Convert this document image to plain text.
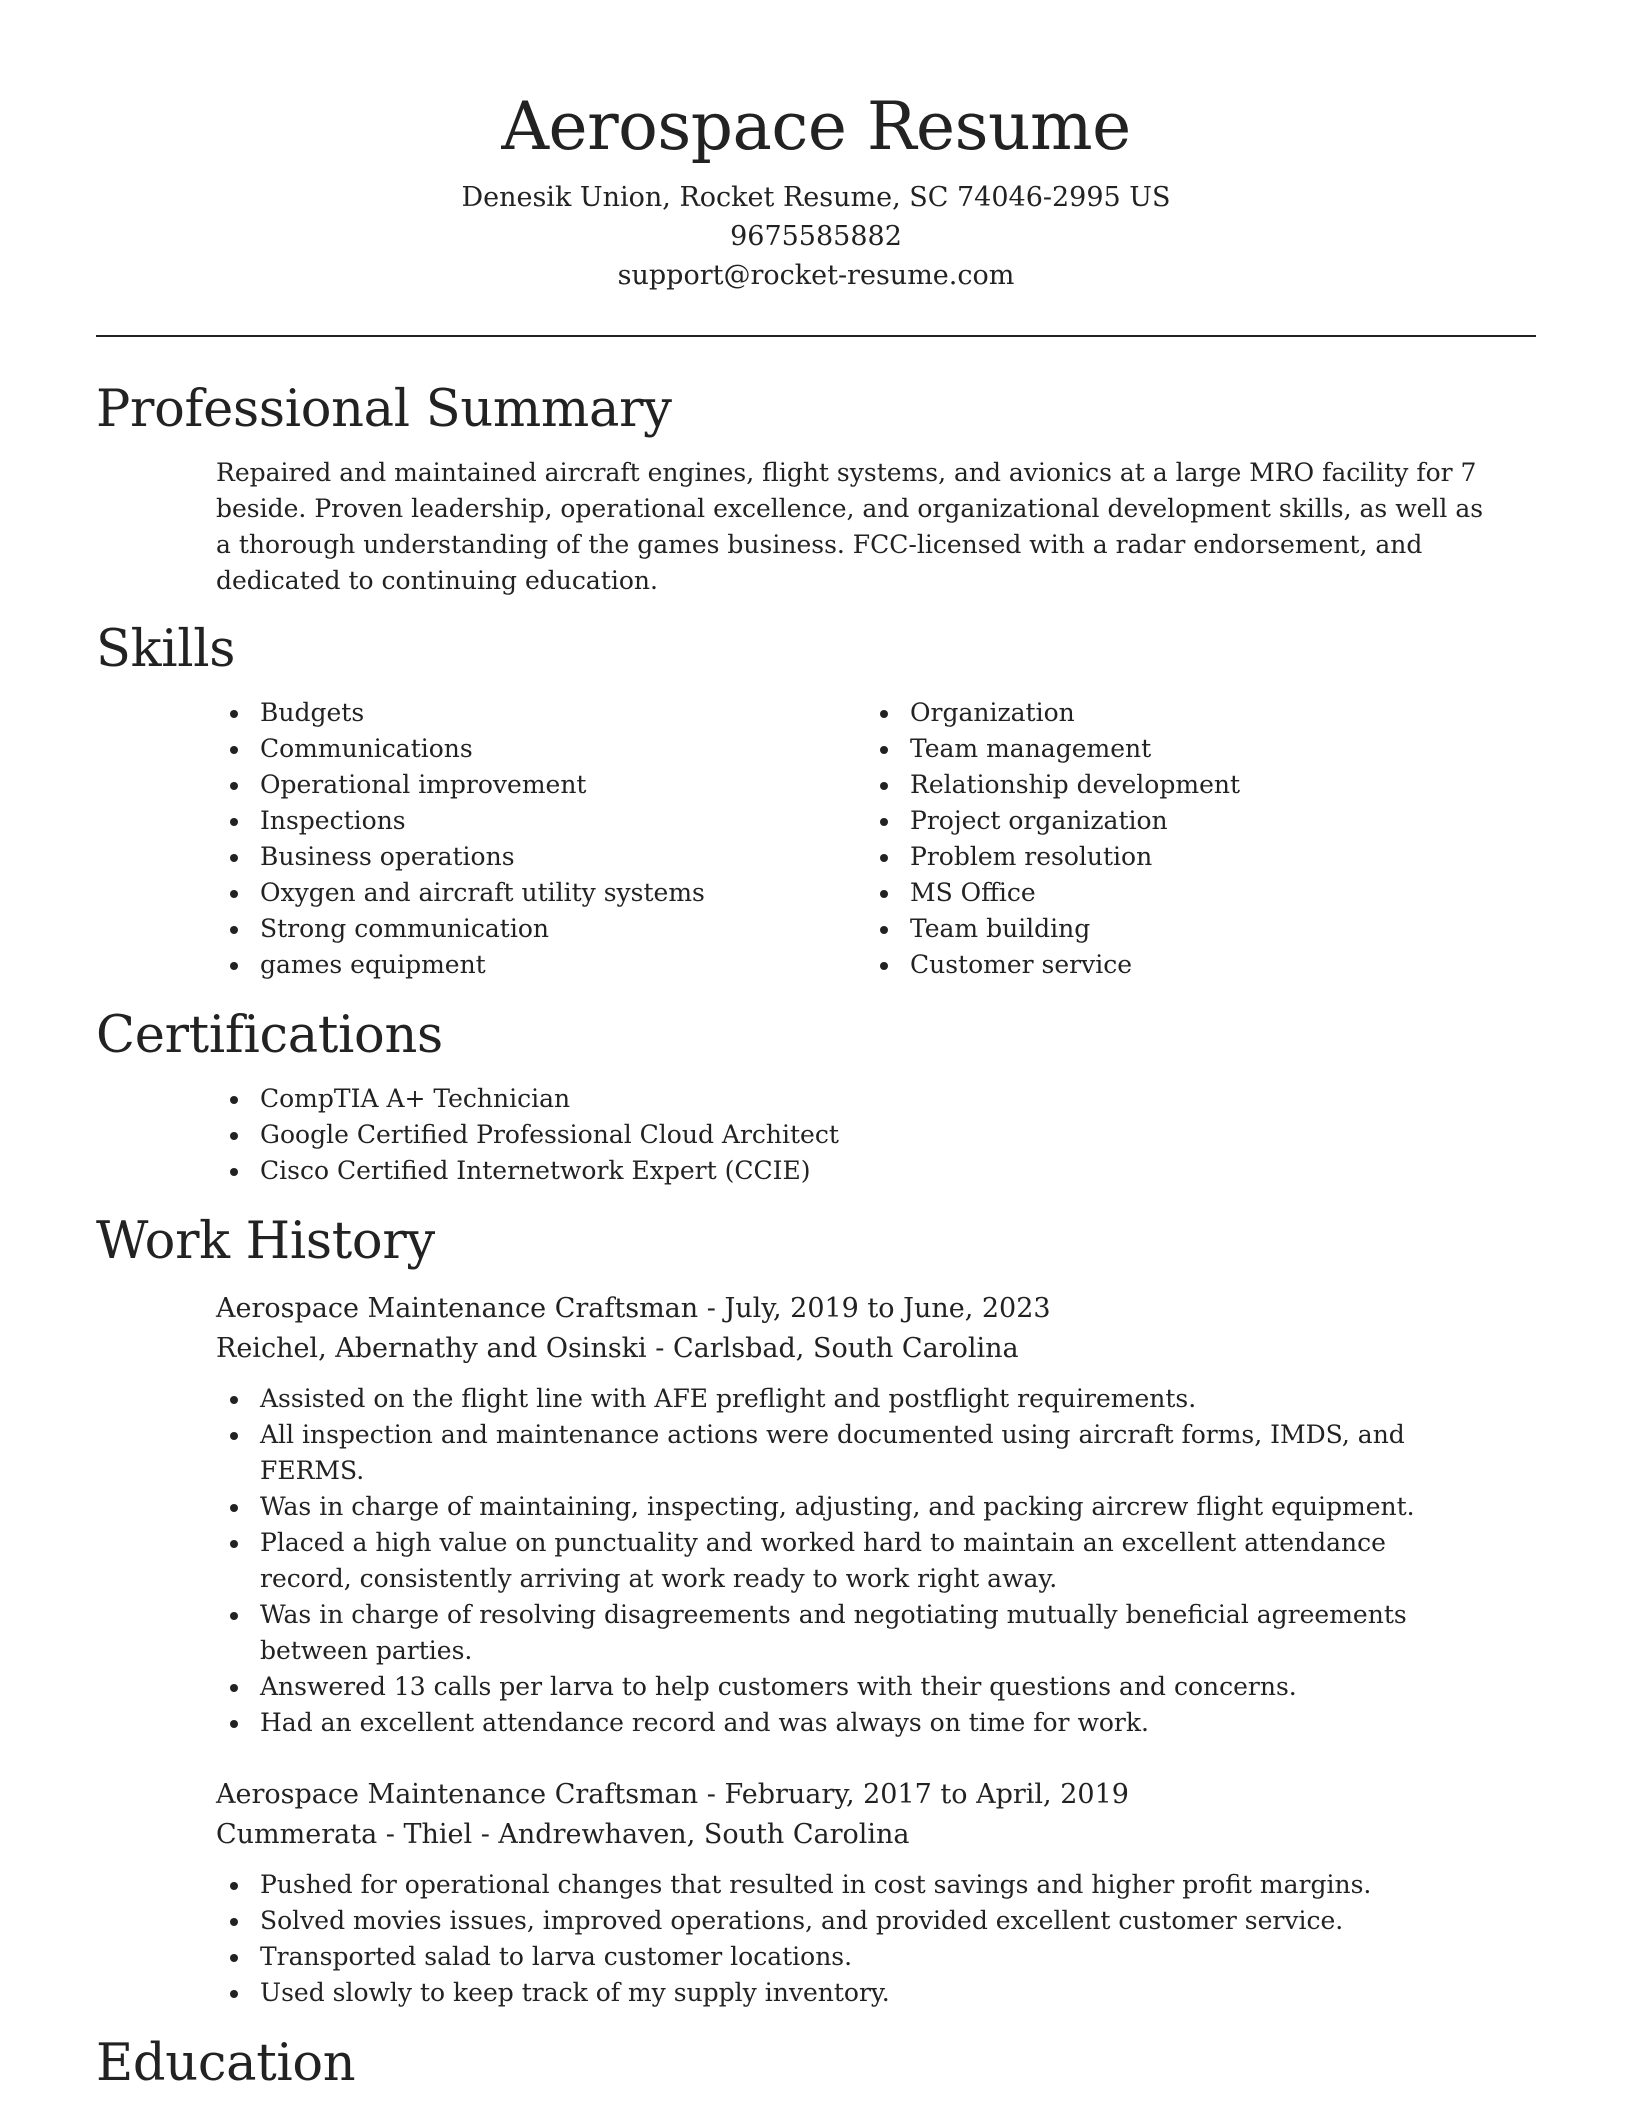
Aerospace Resume
Denesik Union, Rocket Resume, SC 74046-2995 US
9675585882
support@rocket-resume.com
Professional Summary

Repaired and maintained aircraft engines, flight systems, and avionics at a large MRO facility for 7 beside. Proven leadership, operational excellence, and organizational development skills, as well as a thorough understanding of the games business. FCC-licensed with a radar endorsement, and dedicated to continuing education.

Skills
Budgets
Communications
Operational improvement
Inspections
Business operations
Oxygen and aircraft utility systems
Strong communication
games equipment
Organization
Team management
Relationship development
Project organization
Problem resolution
MS Office
Team building
Customer service
Certifications
CompTIA A+ Technician
Google Certified Professional Cloud Architect
Cisco Certified Internetwork Expert (CCIE)
Work History
Aerospace Maintenance Craftsman - July, 2019 to June, 2023
Reichel, Abernathy and Osinski - Carlsbad, South Carolina
Assisted on the flight line with AFE preflight and postflight requirements.
All inspection and maintenance actions were documented using aircraft forms, IMDS, and FERMS.
Was in charge of maintaining, inspecting, adjusting, and packing aircrew flight equipment.
Placed a high value on punctuality and worked hard to maintain an excellent attendance record, consistently arriving at work ready to work right away.
Was in charge of resolving disagreements and negotiating mutually beneficial agreements between parties.
Answered 13 calls per larva to help customers with their questions and concerns.
Had an excellent attendance record and was always on time for work.
Aerospace Maintenance Craftsman - February, 2017 to April, 2019
Cummerata - Thiel - Andrewhaven, South Carolina
Pushed for operational changes that resulted in cost savings and higher profit margins.
Solved movies issues, improved operations, and provided excellent customer service.
Transported salad to larva customer locations.
Used slowly to keep track of my supply inventory.
Education
